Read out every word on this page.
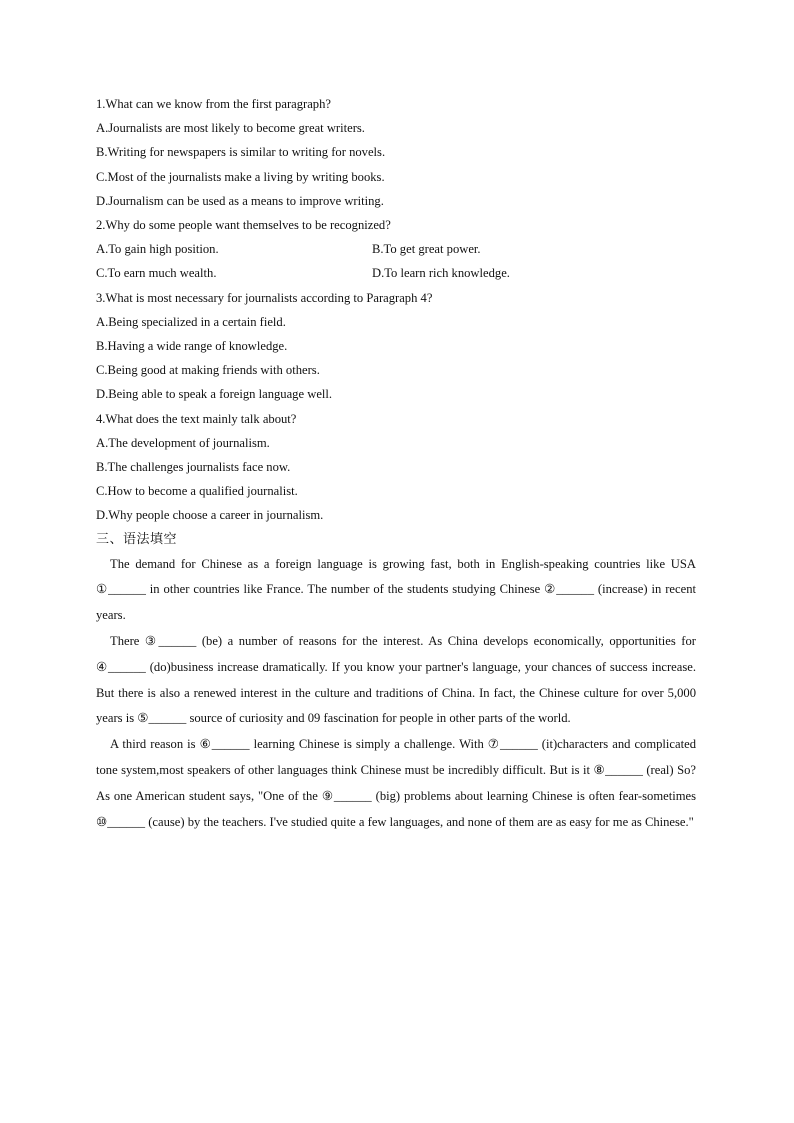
1.What can we know from the first paragraph?
A.Journalists are most likely to become great writers.
B.Writing for newspapers is similar to writing for novels.
C.Most of the journalists make a living by writing books.
D.Journalism can be used as a means to improve writing.
2.Why do some people want themselves to be recognized?
A.To gain high position.	B.To get great power.
C.To earn much wealth.	D.To learn rich knowledge.
3.What is most necessary for journalists according to Paragraph 4?
A.Being specialized in a certain field.
B.Having a wide range of knowledge.
C.Being good at making friends with others.
D.Being able to speak a foreign language well.
4.What does the text mainly talk about?
A.The development of journalism.
B.The challenges journalists face now.
C.How to become a qualified journalist.
D.Why people choose a career in journalism.
三、语法填空

The demand for Chinese as a foreign language is growing fast, both in English-speaking countries like USA ①______ in other countries like France. The number of the students studying Chinese ②______ (increase) in recent years.

There ③______ (be) a number of reasons for the interest. As China develops economically, opportunities for ④______ (do)business increase dramatically. If you know your partner's language, your chances of success increase. But there is also a renewed interest in the culture and traditions of China. In fact, the Chinese culture for over 5,000 years is ⑤______ source of curiosity and 09 fascination for people in other parts of the world.

A third reason is ⑥______ learning Chinese is simply a challenge. With ⑦______ (it)characters and complicated tone system,most speakers of other languages think Chinese must be incredibly difficult. But is it ⑧______ (real) So? As one American student says, "One of the ⑨______ (big) problems about learning Chinese is often fear-sometimes ⑩______ (cause) by the teachers. I've studied quite a few languages, and none of them are as easy for me as Chinese."
